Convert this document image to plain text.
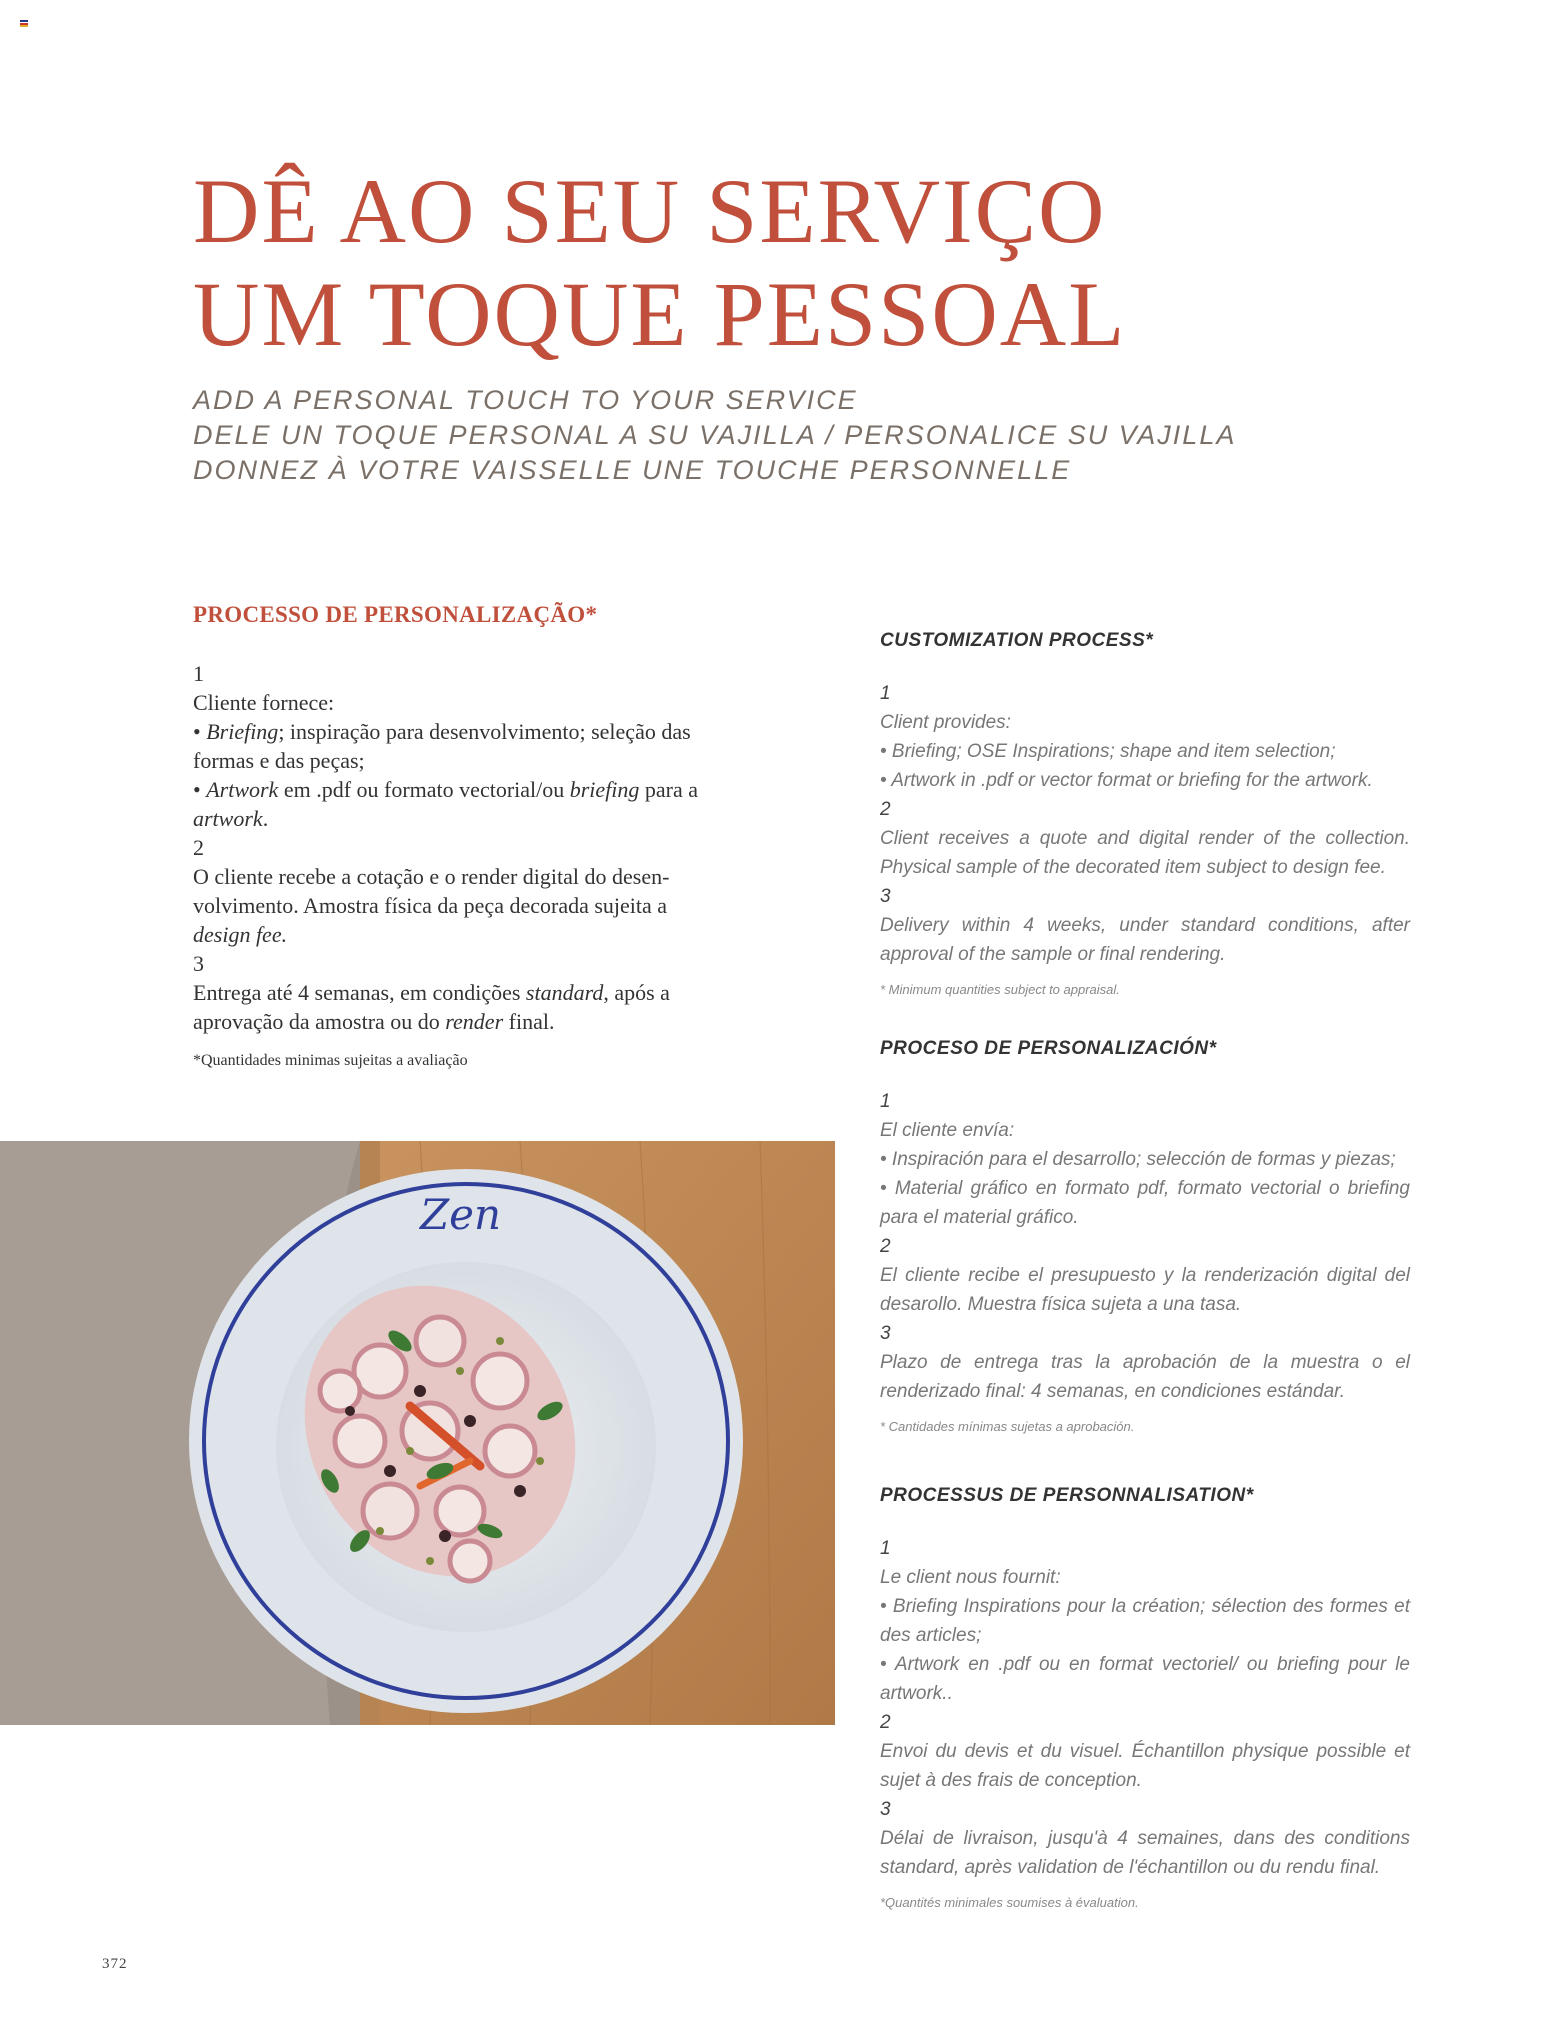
DÊ AO SEU SERVIÇO
UM TOQUE PESSOAL
ADD A PERSONAL TOUCH TO YOUR SERVICE
DELE UN TOQUE PERSONAL A SU VAJILLA / PERSONALICE SU VAJILLA
DONNEZ À VOTRE VAISSELLE UNE TOUCHE PERSONNELLE
PROCESSO DE PERSONALIZAÇÃO*
1
Cliente fornece:
• Briefing; inspiração para desenvolvimento; seleção das formas e das peças;
• Artwork em .pdf ou formato vectorial/ou briefing para a artwork.
2
O cliente recebe a cotação e o render digital do desen-volvimento. Amostra física da peça decorada sujeita a design fee.
3
Entrega até 4 semanas, em condições standard, após a aprovação da amostra ou do render final.
*Quantidades minimas sujeitas a avaliação
CUSTOMIZATION PROCESS*
1
Client provides:
• Briefing; OSE Inspirations; shape and item selection;
• Artwork in .pdf or vector format or briefing for the artwork.
2
Client receives a quote and digital render of the collection. Physical sample of the decorated item subject to design fee.
3
Delivery within 4 weeks, under standard conditions, after approval of the sample or final rendering.
* Minimum quantities subject to appraisal.
PROCESO DE PERSONALIZACIÓN*
1
El cliente envía:
• Inspiración para el desarrollo; selección de formas y piezas;
• Material gráfico en formato pdf, formato vectorial o briefing para el material gráfico.
2
El cliente recibe el presupuesto y la renderización digital del desarollo. Muestra física sujeta a una tasa.
3
Plazo de entrega tras la aprobación de la muestra o el renderizado final: 4 semanas, en condiciones estándar.
* Cantidades mínimas sujetas a aprobación.
PROCESSUS DE PERSONNALISATION*
1
Le client nous fournit:
• Briefing Inspirations pour la création; sélection des formes et des articles;
• Artwork en .pdf ou en format vectoriel/ ou briefing pour le artwork..
2
Envoi du devis et du visuel. Échantillon physique possible et sujet à des frais de conception.
3
Délai de livraison, jusqu'à 4 semaines, dans des conditions standard, après validation de l'échantillon ou du rendu final.
*Quantités minimales soumises à évaluation.
Zen
372
